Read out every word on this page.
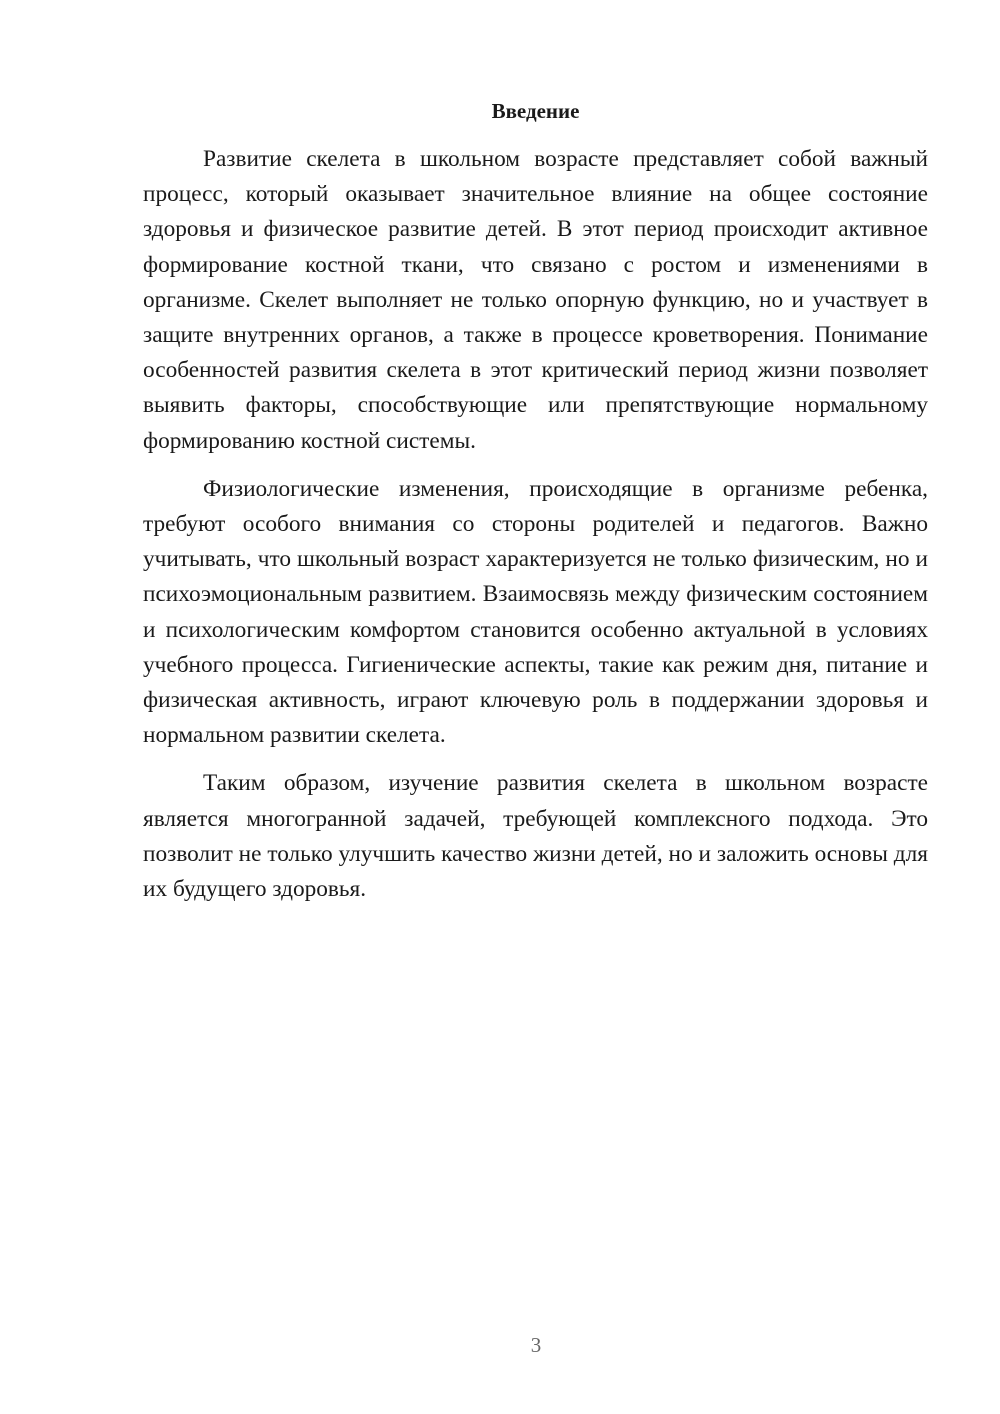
Введение

Развитие скелета в школьном возрасте представляет собой важный процесс, который оказывает значительное влияние на общее состояние здоровья и физическое развитие детей. В этот период происходит активное формирование костной ткани, что связано с ростом и изменениями в организме. Скелет выполняет не только опорную функцию, но и участвует в защите внутренних органов, а также в процессе кроветворения. Понимание особенностей развития скелета в этот критический период жизни позволяет выявить факторы, способствующие или препятствующие нормальному формированию костной системы.

Физиологические изменения, происходящие в организме ребенка, требуют особого внимания со стороны родителей и педагогов. Важно учитывать, что школьный возраст характеризуется не только физическим, но и психоэмоциональным развитием. Взаимосвязь между физическим состоянием и психологическим комфортом становится особенно актуальной в условиях учебного процесса. Гигиенические аспекты, такие как режим дня, питание и физическая активность, играют ключевую роль в поддержании здоровья и нормальном развитии скелета.

Таким образом, изучение развития скелета в школьном возрасте является многогранной задачей, требующей комплексного подхода. Это позволит не только улучшить качество жизни детей, но и заложить основы для их будущего здоровья.

3
